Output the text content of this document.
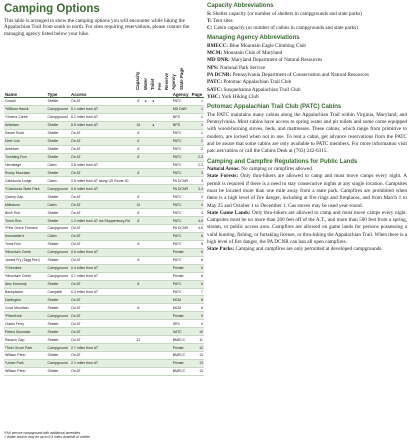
Camping Options

This table is arranged to show the camping options you will encounter while hiking the Appalachian Trail from south to north. For sites requiring reservations, please contact the managing agency listed below your hike.

Capacity Water Toilet Fee Reserve Agency State Page
Name	Type	Access						Agency	Page
Cowall	Shelter	On AT	8	●	●			PATC	1
*William Hauck	Campground	5.1 miles from AT						MD DNR	1
*Owens Creek	Campground	6.2 miles from AT						NPS	1
Antietam	Shelter	6.5 miles from AT	10		●			NPS	1
Raven Rock	Shelter	On AT	8					PATC	1
Deer Lick	Shelter	On AT	6					PATC	1
Antietam	Shelter	On AT	8					PATC	2
Tumbling Run	Shelter	On AT	8					PATC	2-3
Hermitage	Cabin	0.8 miles from AT						PATC	2-3
Rocky Mountain	Shelter	On AT	8					PATC	3
Caledonia Lodge	Cabin	0.8 miles from AT along US Route 30						PA DCNR	3
*Caledonia State Park	Campground	0.6 miles from AT						PA DCNR	3-4
Quarry Gap	Shelter	On AT	8					PATC	4
Milesburn	Cabin	On AT	10					PATC	4
Birch Run	Shelter	On AT	8					PATC	4
Tom's Run	Shelter	1.2 miles from AT via Stoppenburg Rd	8					PATC	4-5
*Pine Grove Furnace	Campground	On AT						PA DCNR	4-5
Ironmaster's	Cabin	On AT						PATC	5
Toms Run	Shelter	On AT	8					PATC	5
*Mountain Creek	Campground	0.5 miles from AT						Private	5
James Fry (Tagg Run)	Shelter	On AT	8					PATC	6
*Cherokee	Campground	0.4 miles from AT						Private	6
*Mountain Creek	Campground	0.7 miles from AT						Private	6
Alec Kennedy	Shelter	On AT	8					PATC	6
Backpacker	Campsite	0.3 miles from AT						PATC	7
Darlington	Shelter	On AT						MCM	8
Cove Mountain	Shelter	On AT	8					MCM	8
*Riverfront	Campground	On AT						Private	9
Clarks Ferry	Shelter	On AT						SRC	9
Peters Mountain	Shelter	On AT						SATC	10
Rausch Gap	Shelter	On AT	12					BMECC	11
*Twin Grove Park	Campground	2.7 miles from AT						Private	12
William Penn	Shelter	On AT						BMECC	13
*Union Park	Campground	2.1 miles from AT						Private	13
William Penn	Shelter	On AT						BMECC	13
*Full service campground with additional amenities
† Water source may be up to 0.5 miles downhill of shelter
Capacity Abbreviations

S: Shelter capacity (or number of shelters in campgrounds and state parks)

T: Tent sites

C: Cabin capacity (or number of cabins in campgrounds and state parks)

Managing Agency Abbreviations

BMECC: Blue Mountain Eagle Climbing Club

MCM: Mountain Club of Maryland

MD DNR: Maryland Department of Natural Resources

NPS: National Park Service

PA DCNR: Pennsylvania Department of Conservation and Natural Resources

PATC: Potomac Appalachian Trail Club

SATC: Susquehanna Appalachian Trail Club

YHC: York Hiking Club

Potomac Appalachian Trail Club (PATC) Cabins

The PATC maintains many cabins along the Appalachian Trail within Virginia, Maryland, and Pennsylvania. Most cabins have access to spring water and pit toilets and some come equipped with wood-burning stoves, beds, and mattresses. These cabins, which range from primitive to modern, are locked when not in use. To rent a cabin, get advance reservations from the PATC and be aware that some cabins are only available to PATC members. For more information visit patc.net/cabins or call the Cabins Desk at (703) 242-0315.

Camping and Campfire Regulations for Public Lands

Natural Areas: No camping or campfires allowed.

State Forests: Only thru-hikers are allowed to camp and must move camps every night. A permit is required if there is a need to stay consecutive nights at any single location. Campsites must be located more than one mile away from a state park. Campfires are prohibited when there is a high level of fire danger, including at fire rings and fireplaces, and from March 1 to May 25 and October 1 to December 1. Gas stoves may be used year-round.

State Game Lands: Only thru-hikers are allowed to camp and must move camps every night. Campsites must be no more than 200 feet off of the A.T., and more than 500 feet from a spring, stream, or public access area. Campfires are allowed on game lands for persons possessing a valid hunting, fishing, or furtaking license, or thru-hiking the Appalachian Trail. When there is a high level of fire danger, the PA DCNR can ban all open campfires.

State Parks: Camping and campfires are only permitted at developed campgrounds.
